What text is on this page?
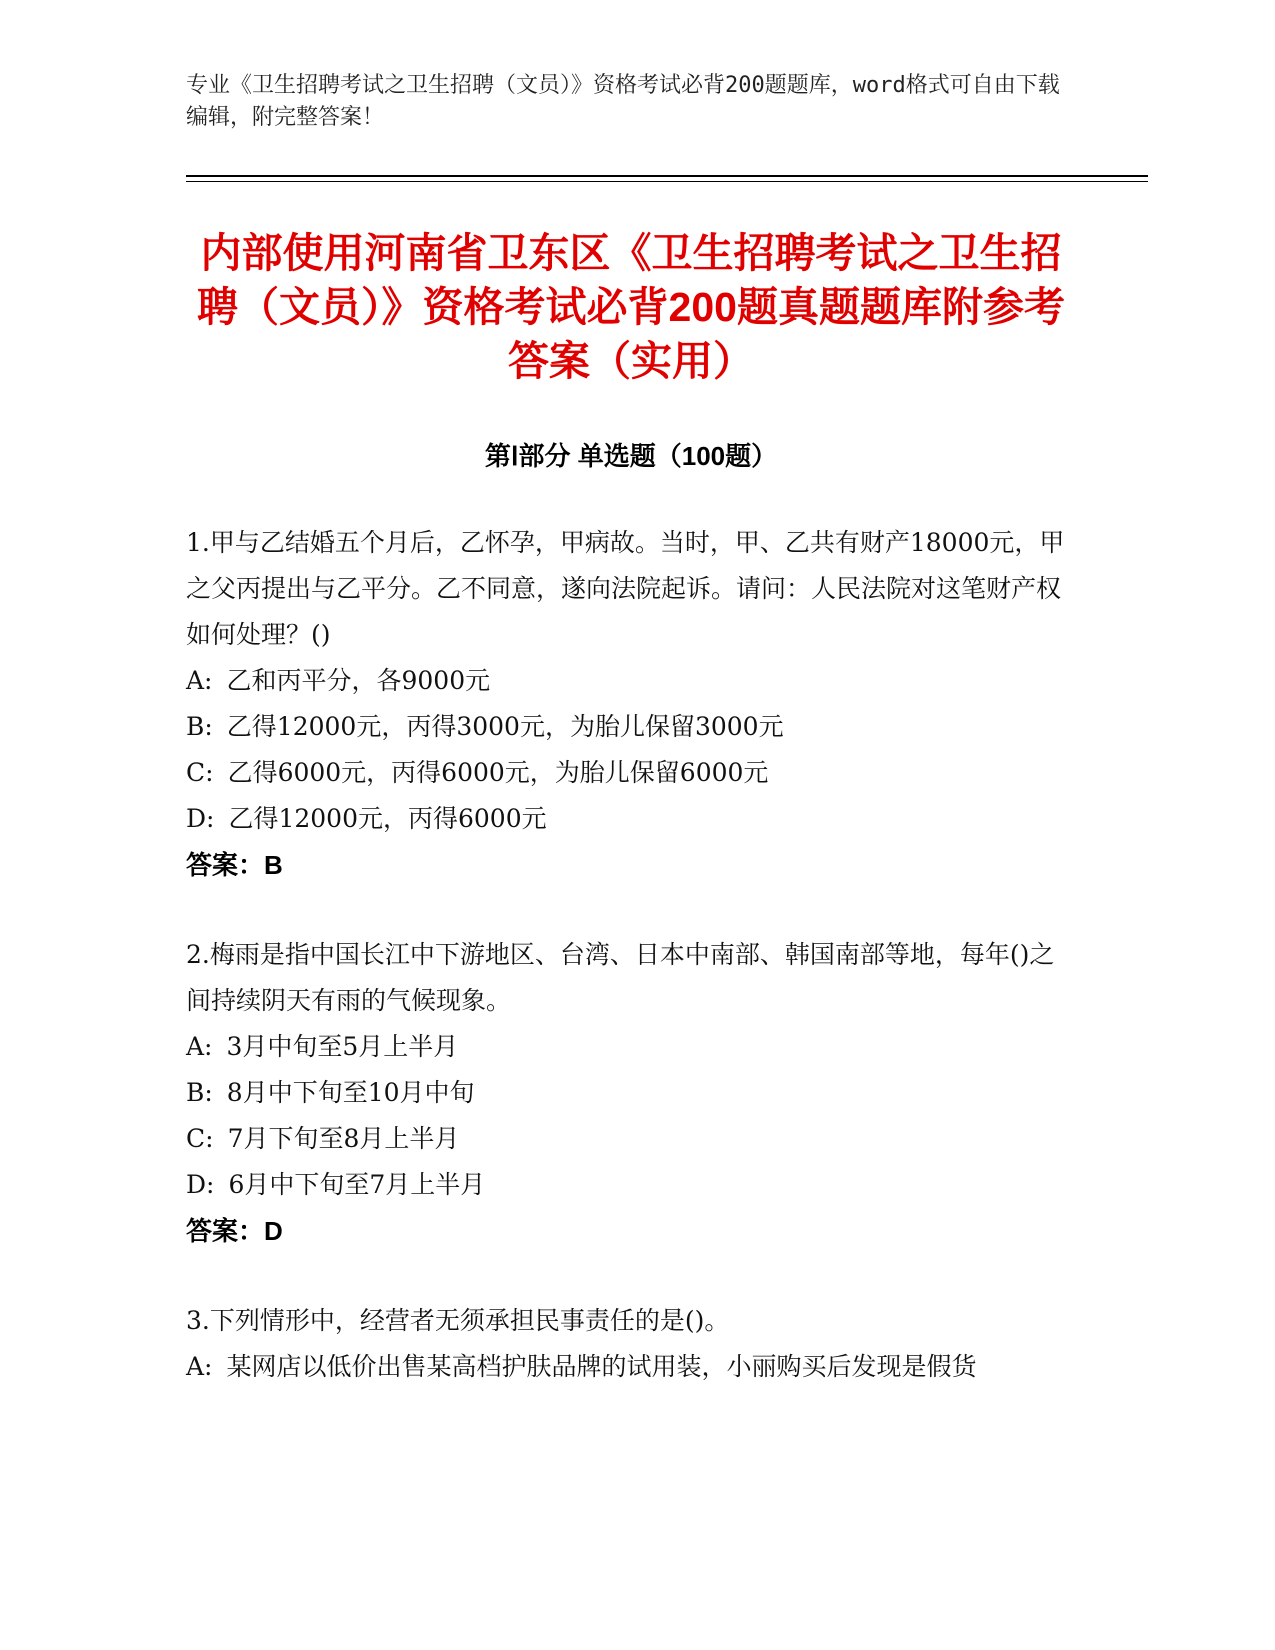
专业《卫生招聘考试之卫生招聘（文员）》资格考试必背200题题库，word格式可自由下载编辑，附完整答案！
内部使用河南省卫东区《卫生招聘考试之卫生招聘（文员）》资格考试必背200题真题题库附参考答案（实用）
第Ⅰ部分 单选题（100题）

1.甲与乙结婚五个月后，乙怀孕，甲病故。当时，甲、乙共有财产18000元，甲之父丙提出与乙平分。乙不同意，遂向法院起诉。请问：人民法院对这笔财产权如何处理？()

A: 乙和丙平分，各9000元
B: 乙得12000元，丙得3000元，为胎儿保留3000元
C: 乙得6000元，丙得6000元，为胎儿保留6000元
D: 乙得12000元，丙得6000元

答案：B

2.梅雨是指中国长江中下游地区、台湾、日本中南部、韩国南部等地，每年()之间持续阴天有雨的气候现象。

A: 3月中旬至5月上半月
B: 8月中下旬至10月中旬
C: 7月下旬至8月上半月
D: 6月中下旬至7月上半月

答案：D

3.下列情形中，经营者无须承担民事责任的是()。

A: 某网店以低价出售某高档护肤品牌的试用装，小丽购买后发现是假货
